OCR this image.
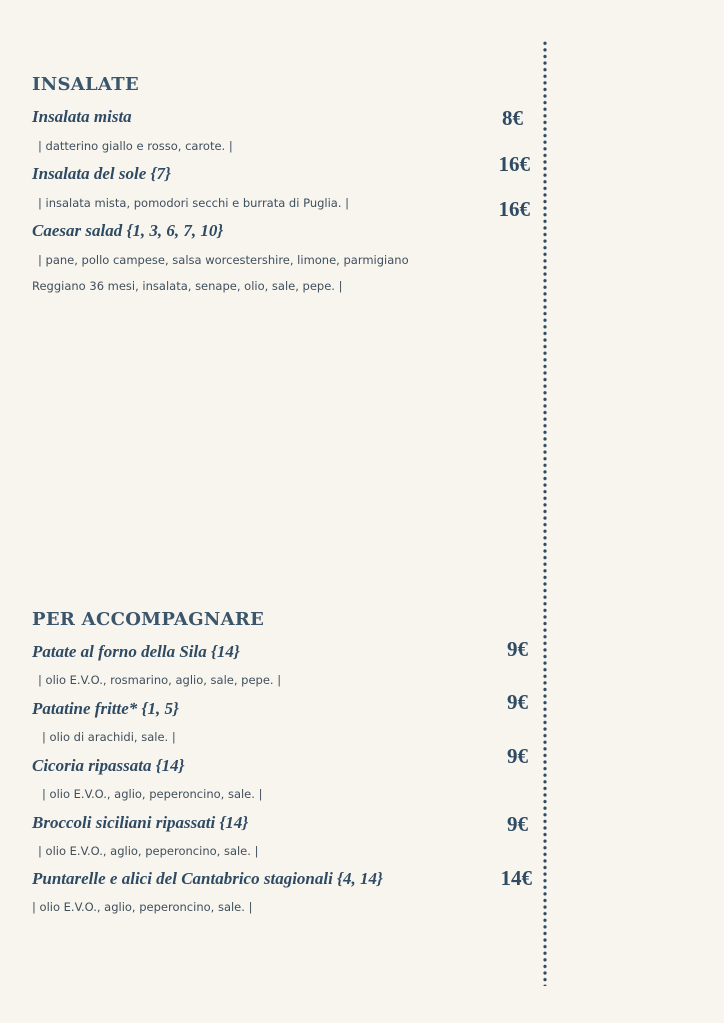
INSALATE
Insalata mista
| datterino giallo e rosso, carote. |
8€
Insalata del sole {7}
| insalata mista, pomodori secchi e burrata di Puglia. |
16€
Caesar salad {1, 3, 6, 7, 10}
| pane, pollo campese, salsa worcestershire, limone, parmigiano
Reggiano 36 mesi, insalata, senape, olio, sale, pepe. |
16€
PER ACCOMPAGNARE
Patate al forno della Sila {14}
| olio E.V.O., rosmarino, aglio, sale, pepe. |
9€
Patatine fritte* {1, 5}
| olio di arachidi, sale. |
9€
Cicoria ripassata {14}
| olio E.V.O., aglio, peperoncino, sale. |
9€
Broccoli siciliani ripassati {14}
| olio E.V.O., aglio, peperoncino, sale. |
9€
Puntarelle e alici del Cantabrico stagionali {4, 14}
| olio E.V.O., aglio, peperoncino, sale. |
14€
